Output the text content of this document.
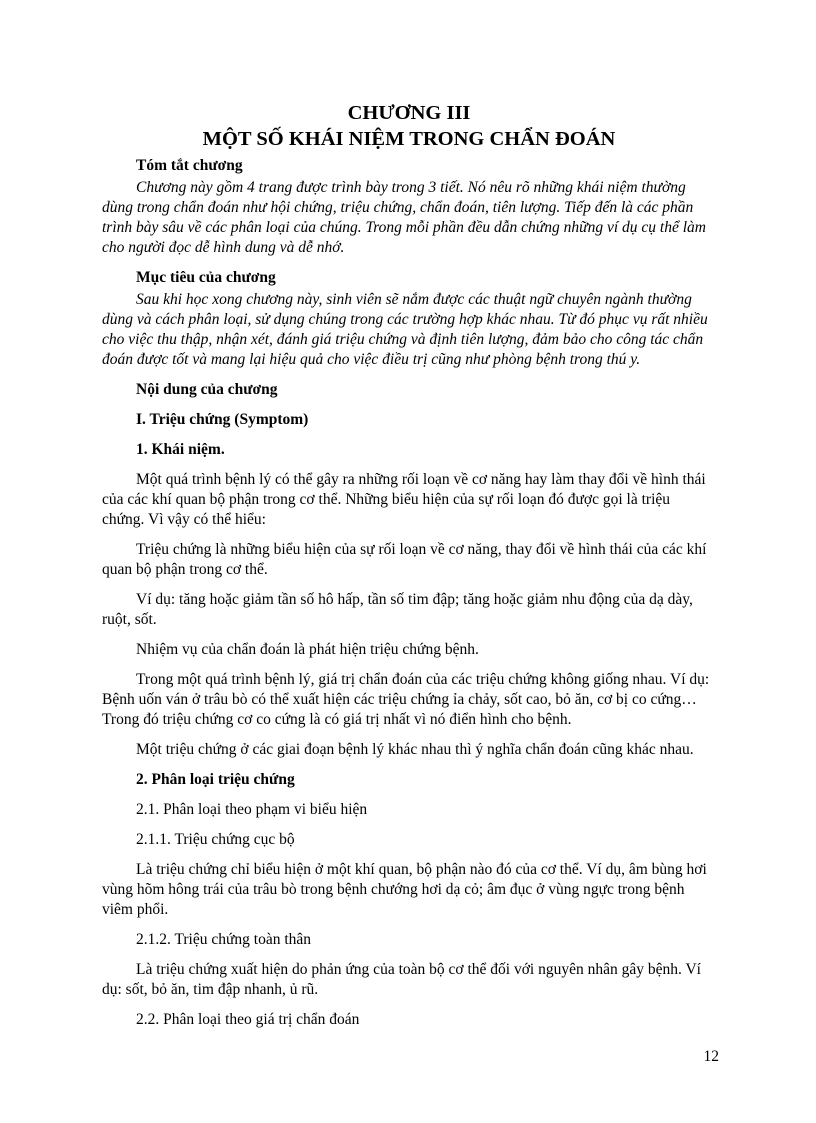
CHƯƠNG III
MỘT SỐ KHÁI NIỆM TRONG CHẨN ĐOÁN

Tóm tắt chương

Chương này gồm 4 trang được trình bày trong 3 tiết. Nó nêu rõ những khái niệm thường dùng trong chẩn đoán như hội chứng, triệu chứng, chẩn đoán, tiên lượng. Tiếp đến là các phần trình bày sâu về các phân loại của chúng. Trong mỗi phần đều dẫn chứng những ví dụ cụ thể làm cho người đọc dễ hình dung và dễ nhớ.

Mục tiêu của chương

Sau khi học xong chương này, sinh viên sẽ nắm được các thuật ngữ chuyên ngành thường dùng và cách phân loại, sử dụng chúng trong các trường hợp khác nhau. Từ đó phục vụ rất nhiều cho việc thu thập, nhận xét, đánh giá triệu chứng và định tiên lượng, đảm bảo cho công tác chẩn đoán được tốt và mang lại hiệu quả cho việc điều trị cũng như phòng bệnh trong thú y.

Nội dung của chương

I. Triệu chứng (Symptom)

1. Khái niệm.

Một quá trình bệnh lý có thể gây ra những rối loạn về cơ năng hay làm thay đổi về hình thái của các khí quan bộ phận trong cơ thể. Những biểu hiện của sự rối loạn đó được gọi là triệu chứng. Vì vậy có thể hiểu:

Triệu chứng là những biểu hiện của sự rối loạn về cơ năng, thay đổi về hình thái của các khí quan bộ phận trong cơ thể.

Ví dụ: tăng hoặc giảm tần số hô hấp, tần số tim đập; tăng hoặc giảm nhu động của dạ dày, ruột, sốt.

Nhiệm vụ của chẩn đoán là phát hiện triệu chứng bệnh.

Trong một quá trình bệnh lý, giá trị chẩn đoán của các triệu chứng không giống nhau. Ví dụ: Bệnh uốn ván ở trâu bò có thể xuất hiện các triệu chứng ỉa chảy, sốt cao, bỏ ăn, cơ bị co cứng… Trong đó triệu chứng cơ co cứng là có giá trị nhất vì nó điển hình cho bệnh.

Một triệu chứng ở các giai đoạn bệnh lý khác nhau thì ý nghĩa chẩn đoán cũng khác nhau.

2. Phân loại triệu chứng

2.1. Phân loại theo phạm vi biểu hiện

2.1.1. Triệu chứng cục bộ

Là triệu chứng chỉ biểu hiện ở một khí quan, bộ phận nào đó của cơ thể. Ví dụ, âm bùng hơi vùng hõm hông trái của trâu bò trong bệnh chướng hơi dạ cỏ; âm đục ở vùng ngực trong bệnh viêm phổi.

2.1.2. Triệu chứng toàn thân

Là triệu chứng xuất hiện do phản ứng của toàn bộ cơ thể đối với nguyên nhân gây bệnh. Ví dụ: sốt, bỏ ăn, tim đập nhanh, ủ rũ.

2.2. Phân loại theo giá trị chẩn đoán

12
